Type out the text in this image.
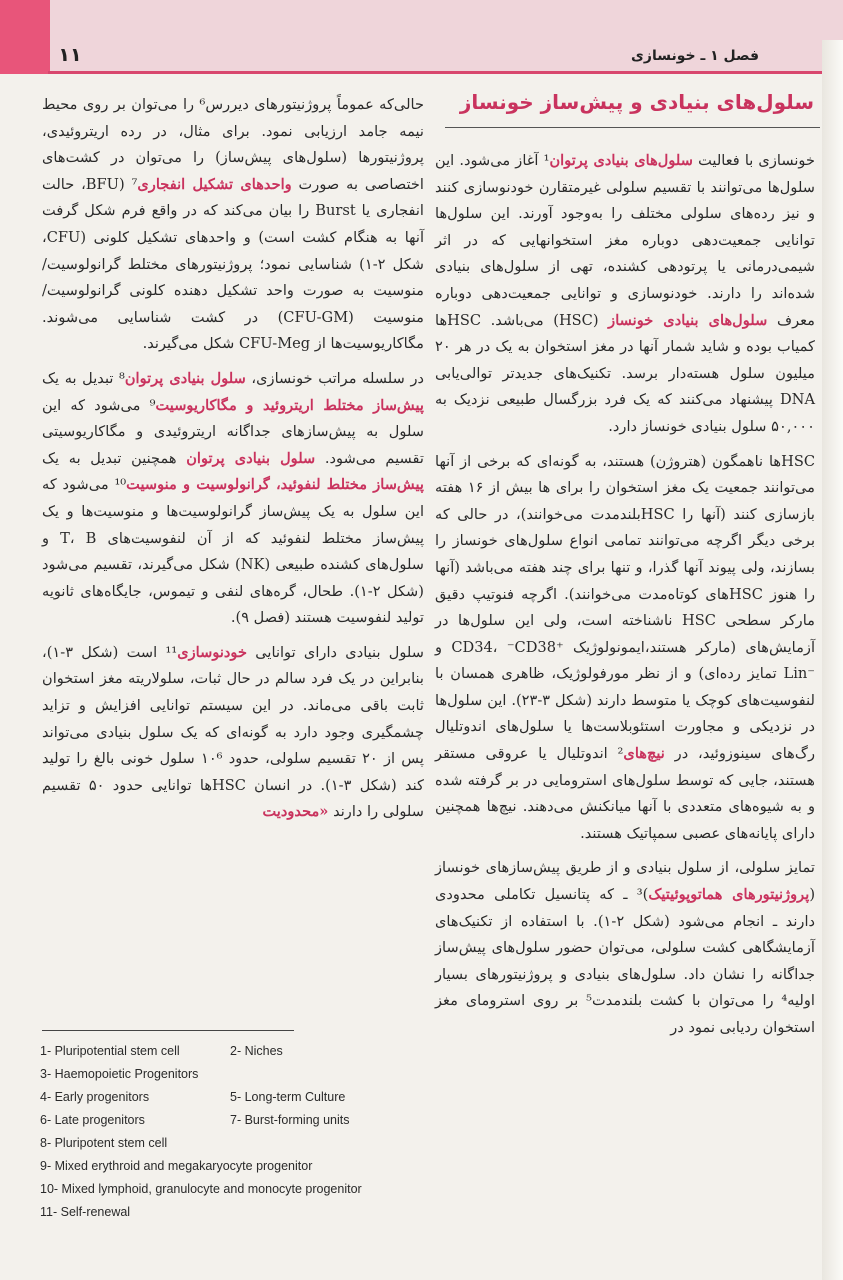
۱۱	فصل ۱ ـ خونسازی
سلول‌های بنیادی و پیش‌ساز خونساز

خونسازی با فعالیت سلول‌های بنیادی پرتوان¹ آغاز می‌شود. این سلول‌ها می‌توانند با تقسیم سلولی غیرمتقارن خودنوسازی کنند و نیز رده‌های سلولی مختلف را به‌وجود آورند. این سلول‌ها توانایی جمعیت‌دهی دوباره مغز استخوانهایی که در اثر شیمی‌درمانی یا پرتودهی کشنده، تهی از سلول‌های بنیادی شده‌اند را دارند. خودنوسازی و توانایی جمعیت‌دهی دوباره معرف سلول‌های بنیادی خونساز (HSC) می‌باشد. HSCها کمیاب بوده و شاید شمار آنها در مغز استخوان به یک در هر ۲۰ میلیون سلول هسته‌دار برسد. تکنیک‌های جدیدتر توالی‌یابی DNA پیشنهاد می‌کنند که یک فرد بزرگسال طبیعی نزدیک به ۵۰,۰۰۰ سلول بنیادی خونساز دارد.

HSCها ناهمگون (هتروژن) هستند، به گونه‌ای که برخی از آنها می‌توانند جمعیت یک مغز استخوان را برای ها بیش از ۱۶ هفته بازسازی کنند (آنها را HSCبلندمدت می‌خوانند)، در حالی که برخی دیگر اگرچه می‌توانند تمامی انواع سلول‌های خونساز را بسازند، ولی پیوند آنها گذرا، و تنها برای چند هفته می‌باشد (آنها را هنوز HSCهای کوتاه‌مدت می‌خوانند). اگرچه فنوتیپ دقیق مارکر سطحی HSC ناشناخته است، ولی این سلول‌ها در آزمایش‌های (مارکر هستند،ایمونولوژیک ⁺CD34، ⁻CD38 و ⁻Lin تمایز رده‌ای) و از نظر مورفولوژیک، ظاهری همسان با لنفوسیت‌های کوچک یا متوسط دارند (شکل ۳-۲۳). این سلول‌ها در نزدیکی و مجاورت استئوبلاست‌ها یا سلول‌های اندوتلیال رگ‌های سینوزوئید، در نیچ‌های² اندوتلیال یا عروقی مستقر هستند، جایی که توسط سلول‌های استرومایی در بر گرفته شده و به شیوه‌های متعددی با آنها میانکنش می‌دهند. نیچ‌ها همچنین دارای پایانه‌های عصبی سمپاتیک هستند.

تمایز سلولی، از سلول بنیادی و از طریق پیش‌سازهای خونساز (پروژنیتورهای هماتوپوئیتیک)³ ـ که پتانسیل تکاملی محدودی دارند ـ انجام می‌شود (شکل ۲-۱). با استفاده از تکنیک‌های آزمایشگاهی کشت سلولی، می‌توان حضور سلول‌های پیش‌ساز جداگانه را نشان داد. سلول‌های بنیادی و پروژنیتورهای بسیار اولیه⁴ را می‌توان با کشت بلندمدت⁵ بر روی استرومای مغز استخوان ردیابی نمود در

حالی‌که عموماً پروژنیتورهای دیررس⁶ را می‌توان بر روی محیط نیمه جامد ارزیابی نمود. برای مثال، در رده اریتروئیدی، پروژنیتورها (سلول‌های پیش‌ساز) را می‌توان در کشت‌های اختصاصی به صورت واحدهای تشکیل انفجاری⁷ (BFU، حالت انفجاری یا Burst را بیان می‌کند که در واقع فرم شکل گرفت آنها به هنگام کشت است) و واحدهای تشکیل کلونی (CFU، شکل ۲-۱) شناسایی نمود؛ پروژنیتورهای مختلط گرانولوسیت/ منوسیت به صورت واحد تشکیل دهنده کلونی گرانولوسیت/ منوسیت (CFU-GM) در کشت شناسایی می‌شوند. مگاکاریوسیت‌ها از CFU-Meg شکل می‌گیرند.

در سلسله مراتب خونسازی، سلول بنیادی پرتوان⁸ تبدیل به یک پیش‌ساز مختلط اریتروئید و مگاکاریوسیت⁹ می‌شود که این سلول به پیش‌سازهای جداگانه اریتروئیدی و مگاکاریوسیتی تقسیم می‌شود. سلول بنیادی پرتوان همچنین تبدیل به یک پیش‌ساز مختلط لنفوئید، گرانولوسیت و منوسیت¹⁰ می‌شود که این سلول به یک پیش‌ساز گرانولوسیت‌ها و منوسیت‌ها و یک پیش‌ساز مختلط لنفوئید که از آن لنفوسیت‌های T، B و سلول‌های کشنده طبیعی (NK) شکل می‌گیرند، تقسیم می‌شود (شکل ۲-۱). طحال، گره‌های لنفی و تیموس، جایگاه‌های ثانویه تولید لنفوسیت هستند (فصل ۹).

سلول بنیادی دارای توانایی خودنوسازی¹¹ است (شکل ۳-۱)، بنابراین در یک فرد سالم در حال ثبات، سلولاریته مغز استخوان ثابت باقی می‌ماند. در این سیستم توانایی افزایش و تزاید چشمگیری وجود دارد به گونه‌ای که یک سلول بنیادی می‌تواند پس از ۲۰ تقسیم سلولی، حدود ۱۰⁶ سلول خونی بالغ را تولید کند (شکل ۳-۱). در انسان HSCها توانایی حدود ۵۰ تقسیم سلولی را دارند «محدودیت

1- Pluripotential stem cell	2- Niches
3- Haemopoietic Progenitors
4- Early progenitors	5- Long-term Culture
6- Late progenitors	7- Burst-forming units
8- Pluripotent stem cell
9- Mixed erythroid and megakaryocyte progenitor
10- Mixed lymphoid, granulocyte and monocyte progenitor
11- Self-renewal
